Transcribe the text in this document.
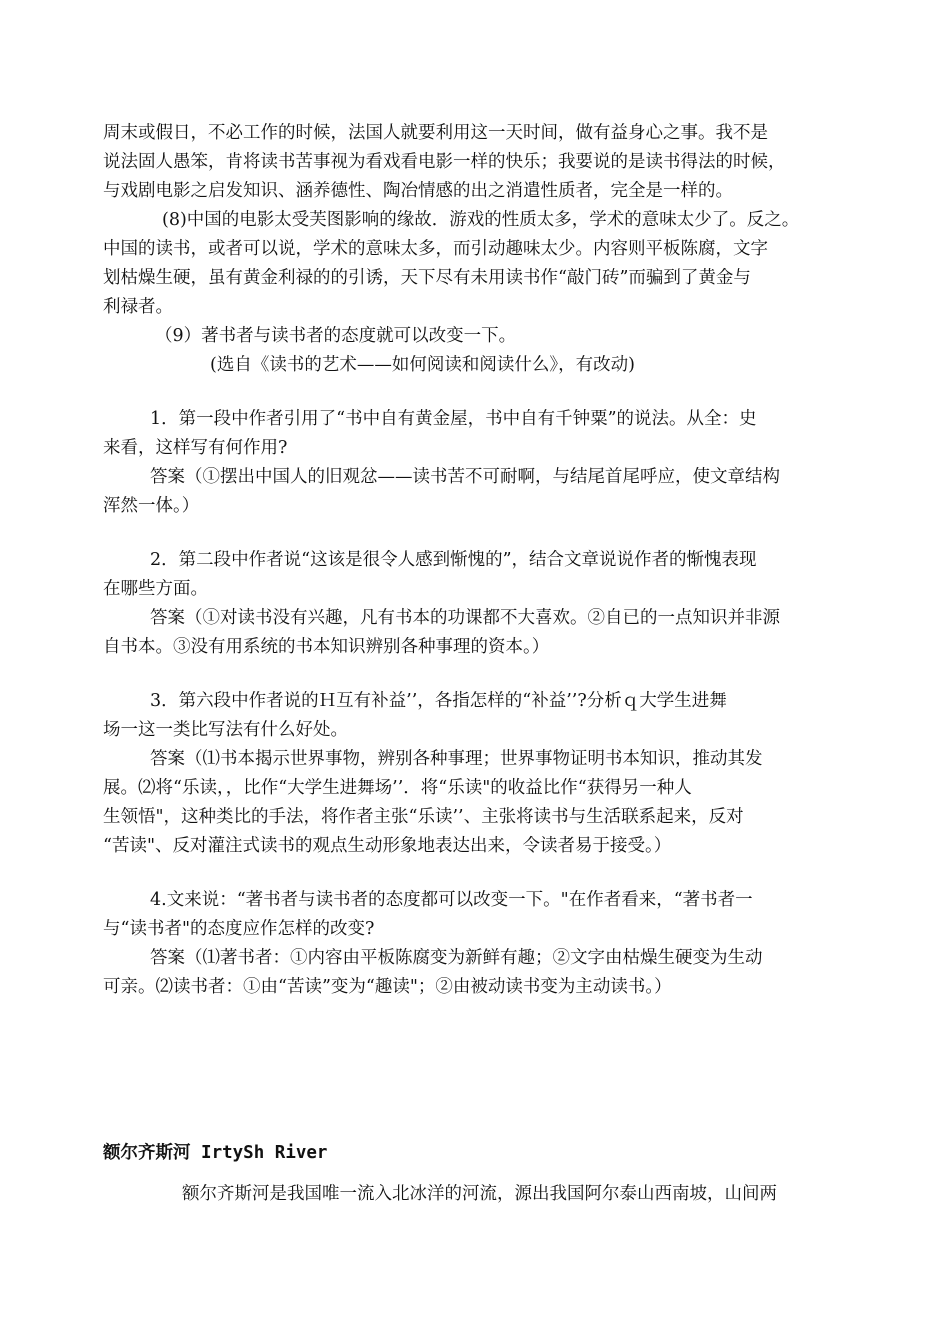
周末或假日，不必工作的时候，法国人就要利用这一天时间，做有益身心之事。我不是
说法固人愚笨，肯将读书苦事视为看戏看电影一样的快乐；我要说的是读书得法的时候，
与戏剧电影之启发知识、涵养德性、陶冶情感的出之消遣性质者，完全是一样的。
(8)中国的电影太受芙图影响的缘故．游戏的性质太多，学术的意味太少了。反之。
中国的读书，或者可以说，学术的意味太多，而引动趣味太少。内容则平板陈腐，文字
划枯燥生硬，虽有黄金利禄的的引诱，天下尽有未用读书作“敲门砖”而骗到了黄金与
利禄者。
（9）著书者与读书者的态度就可以改变一下。
(选自《读书的艺术——如何阅读和阅读什么》，有改动)
1．第一段中作者引用了“书中自有黄金屋，书中自有千钟粟”的说法。从全：史
来看，这样写有何作用?
答案（①摆出中国人的旧观忿——读书苦不可耐啊，与结尾首尾呼应，使文章结构
浑然一体。）
2．第二段中作者说“这该是很令人感到惭愧的”，结合文章说说作者的惭愧表现
在哪些方面。
答案（①对读书没有兴趣，凡有书本的功课都不大喜欢。②自已的一点知识并非源
自书本。③没有用系统的书本知识辨别各种事理的资本。）
3．第六段中作者说的Ｈ互有补益’’，各指怎样的“补益’’?分析ｑ大学生进舞
场一这一类比写法有什么好处。
答案（⑴书本揭示世界事物，辨别各种事理；世界事物证明书本知识，推动其发
展。⑵将“乐读，，比作“大学生进舞场’’．将“乐读"的收益比作“获得另一种人
生领悟"，这种类比的手法，将作者主张“乐读’’、主张将读书与生活联系起来，反对
“苦读"、反对灌注式读书的观点生动形象地表达出来，令读者易于接受。）
4.文来说：“著书者与读书者的态度都可以改变一下。"在作者看来，“著书者一
与“读书者"的态度应作怎样的改变?
答案（⑴著书者：①内容由平板陈腐变为新鲜有趣；②文字由枯燥生硬变为生动
可亲。⑵读书者：①由“苦读”变为“趣读"；②由被动读书变为主动读书。）
额尔齐斯河 IrtySh River
额尔齐斯河是我国唯一流入北冰洋的河流，源出我国阿尔泰山西南坡，山间两
